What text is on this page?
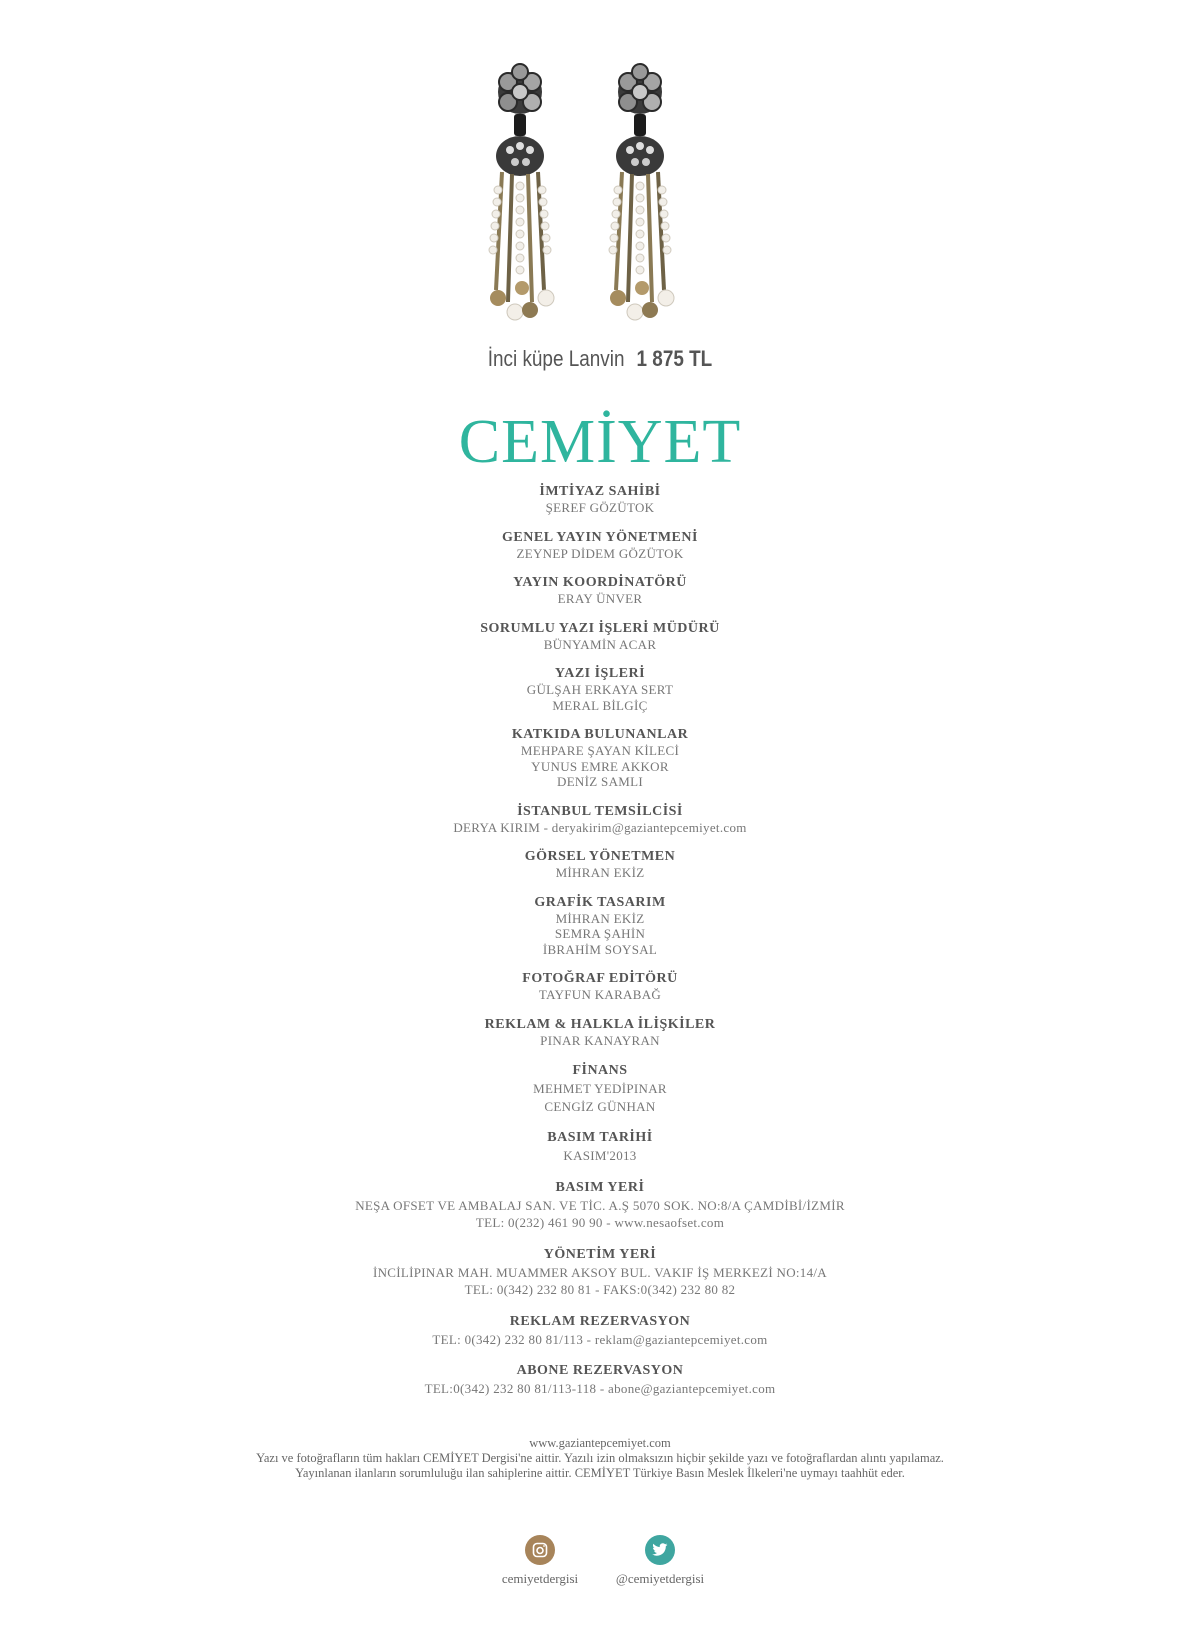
İnci küpe Lanvin 1 875 TL
CEMİYET
İMTİYAZ SAHİBİ
ŞEREF GÖZÜTOK
GENEL YAYIN YÖNETMENİ
ZEYNEP DİDEM GÖZÜTOK
YAYIN KOORDİNATÖRÜ
ERAY ÜNVER
SORUMLU YAZI İŞLERİ MÜDÜRÜ
BÜNYAMİN ACAR
YAZI İŞLERİ
GÜLŞAH ERKAYA SERT
MERAL BİLGİÇ
KATKIDA BULUNANLAR
MEHPARE ŞAYAN KİLECİ
YUNUS EMRE AKKOR
DENİZ SAMLI
İSTANBUL TEMSİLCİSİ
DERYA KIRIM - deryakirim@gaziantepcemiyet.com
GÖRSEL YÖNETMEN
MİHRAN EKİZ
GRAFİK TASARIM
MİHRAN EKİZ
SEMRA ŞAHİN
İBRAHİM SOYSAL
FOTOĞRAF EDİTÖRÜ
TAYFUN KARABAĞ
REKLAM & HALKLA İLİŞKİLER
PINAR KANAYRAN
FİNANS
MEHMET YEDİPINAR
CENGİZ GÜNHAN
BASIM TARİHİ
KASIM'2013
BASIM YERİ
NEŞA OFSET VE AMBALAJ SAN. VE TİC. A.Ş 5070 SOK. NO:8/A ÇAMDİBİ/İZMİR
TEL: 0(232) 461 90 90 - www.nesaofset.com
YÖNETİM YERİ
İNCİLİPINAR MAH. MUAMMER AKSOY BUL. VAKIF İŞ MERKEZİ NO:14/A
TEL: 0(342) 232 80 81 - FAKS:0(342) 232 80 82
REKLAM REZERVASYON
TEL: 0(342) 232 80 81/113 - reklam@gaziantepcemiyet.com
ABONE REZERVASYON
TEL:0(342) 232 80 81/113-118 - abone@gaziantepcemiyet.com
www.gaziantepcemiyet.com
Yazı ve fotoğrafların tüm hakları CEMİYET Dergisi'ne aittir. Yazılı izin olmaksızın hiçbir şekilde yazı ve fotoğraflardan alıntı yapılamaz.
Yayınlanan ilanların sorumluluğu ilan sahiplerine aittir. CEMİYET Türkiye Basın Meslek İlkeleri'ne uymayı taahhüt eder.
cemiyetdergisi	@cemiyetdergisi
